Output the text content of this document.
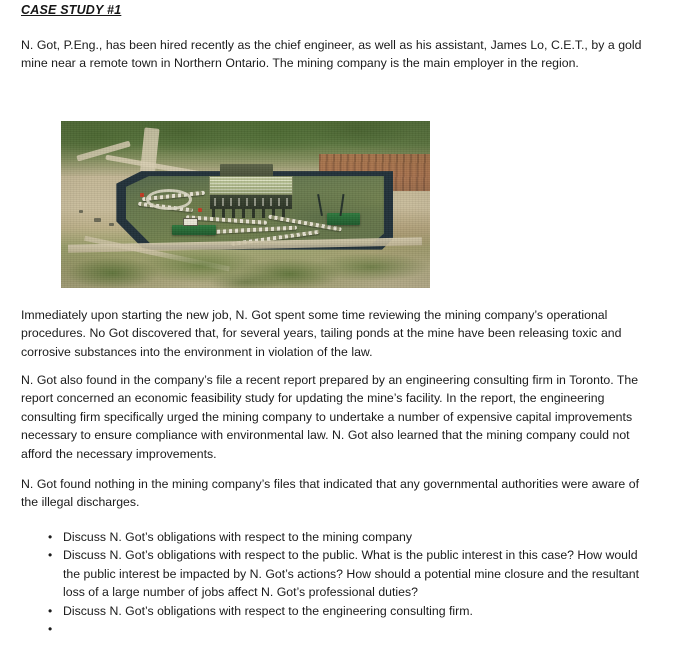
CASE STUDY #1
N. Got, P.Eng., has been hired recently as the chief engineer, as well as his assistant, James Lo, C.E.T., by a gold mine near a remote town in Northern Ontario. The mining company is the main employer in the region.
Immediately upon starting the new job, N. Got spent some time reviewing the mining company’s operational procedures. No Got discovered that, for several years, tailing ponds at the mine have been releasing toxic and corrosive substances into the environment in violation of the law.
N. Got also found in the company’s file a recent report prepared by an engineering consulting firm in Toronto. The report concerned an economic feasibility study for updating the mine’s facility. In the report, the engineering consulting firm specifically urged the mining company to undertake a number of expensive capital improvements necessary to ensure compliance with environmental law. N. Got also learned that the mining company could not afford the necessary improvements.
N. Got found nothing in the mining company’s files that indicated that any governmental authorities were aware of the illegal discharges.
• Discuss N. Got’s obligations with respect to the mining company
• Discuss N. Got’s obligations with respect to the public. What is the public interest in this case? How would the public interest be impacted by N. Got’s actions? How should a potential mine closure and the resultant loss of a large number of jobs affect N. Got’s professional duties?
• Discuss N. Got’s obligations with respect to the engineering consulting firm.
•
